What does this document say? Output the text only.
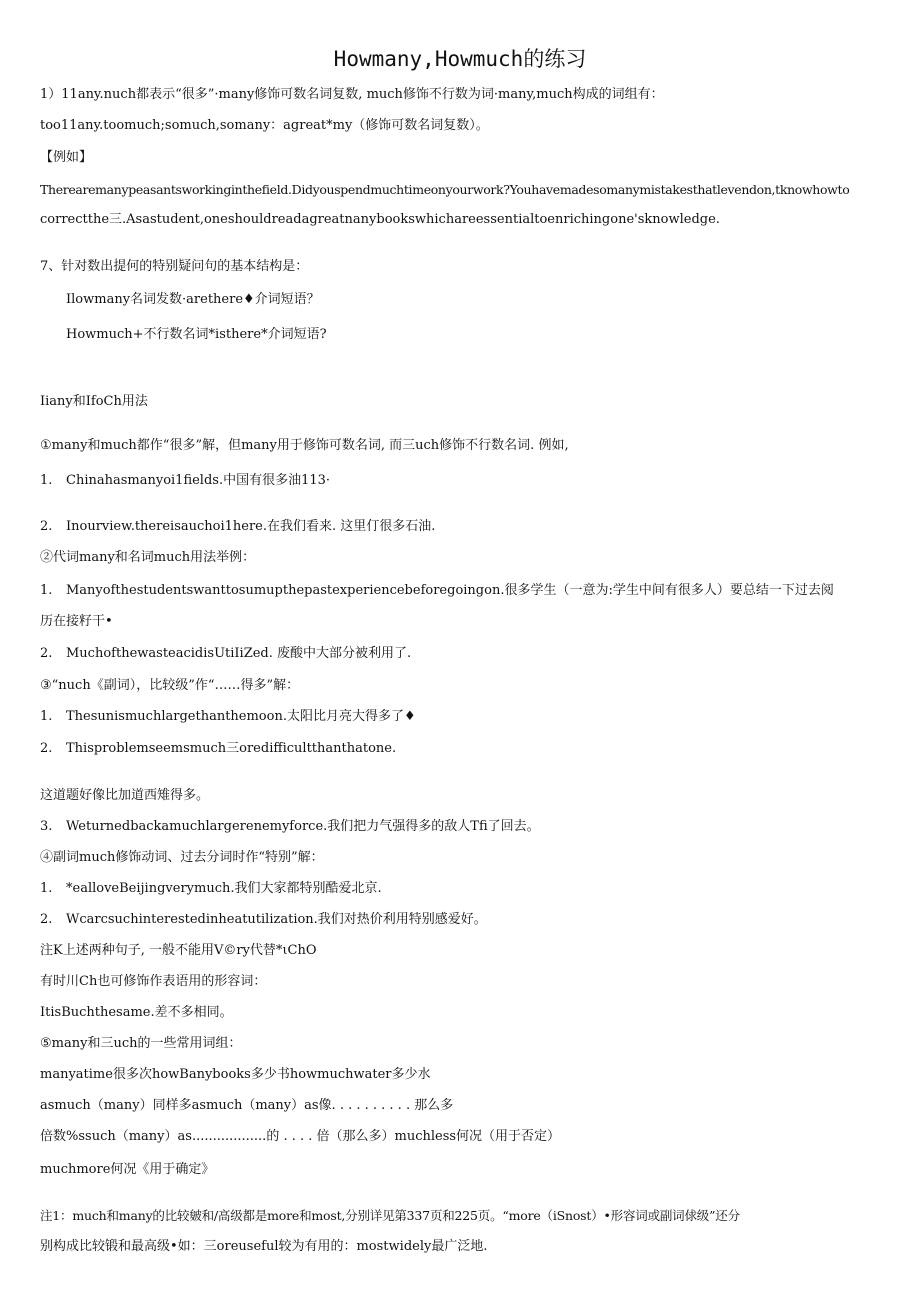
Howmany,Howmuch的练习
1）11any.nuch都表示“很多”·many修饰可数名词复数, much修饰不行数为词·many,much构成的词组有：
too11any.toomuch;somuch,somany：agreat*my（修饰可数名词复数）。
【例如】
Therearemanypeasantsworkinginthefield.Didyouspendmuchtimeonyourwork?Youhavemadesomanymistakesthatlevendon,tknowhowto
correctthe三.Asastudent,oneshouldreadagreatnanybookswhichareessentialtoenrichingone'sknowledge.
7、针对数出提何的特别疑问句的基本结构是：
Ilowmany名词发数·arethere♦介词短语？
Howmuch+不行数名词*isthere*介词短语?
Iiany和IfoCh用法
①many和much都作“很多”解，但many用于修饰可数名词, 而三uch修饰不行数名词. 例如,
1. Chinahasmanyoi1fields.中国有很多油113·
2. Inourview.thereisauchoi1here.在我们看来. 这里仃很多石油.
②代词many和名词much用法举例：
1. Manyofthestudentswanttosumupthepastexperiencebeforegoingon.很多学生（一意为:学生中间有很多人）要总结一下过去阅
历在接籽干•
2. MuchofthewasteacidisUtiIiZed. 废酸中大部分被利用了.
③“nuch《副词），比较级”作“……得多”解：
1. Thesunismuchlargethanthemoon.太阳比月亮大得多了♦
2. Thisproblemseemsmuch三oredifficultthanthatone.
这道题好像比加道西雉得多。
3. Weturnedbackamuchlargerenemyforce.我们把力气强得多的敌人Tfi了回去。
④副词much修饰动词、过去分词时作“特别”解：
1. *ealloveBeijingverymuch.我们大家都特别酷爱北京.
2. Wcarcsuchinterestedinheatutilization.我们对热价利用特别感爱好。
注K上述两种句子, 一般不能用V©ry代替*ιChO
有时川Ch也可修饰作表语用的形容词：
ItisBuchthesame.差不多相同。
⑤many和三uch的一些常用词组：
manyatime很多次howBanybooks多少书howmuchwater多少水
asmuch（many）同样多asmuch（many）as像. . . . . . . . . . 那么多
倍数%ssuch（many）as..................的 . . . . 倍（那么多）muchless何况（用于否定）
muchmore何况《用于确定》
注1：much和many的比较皴和/高级都是more和most,分别详见第337页和225页。“more（iSnost）•形容词或副词俅级”还分
别构成比较锻和最高级•如：三oreuseful较为有用的：mostwidely最广泛地.
